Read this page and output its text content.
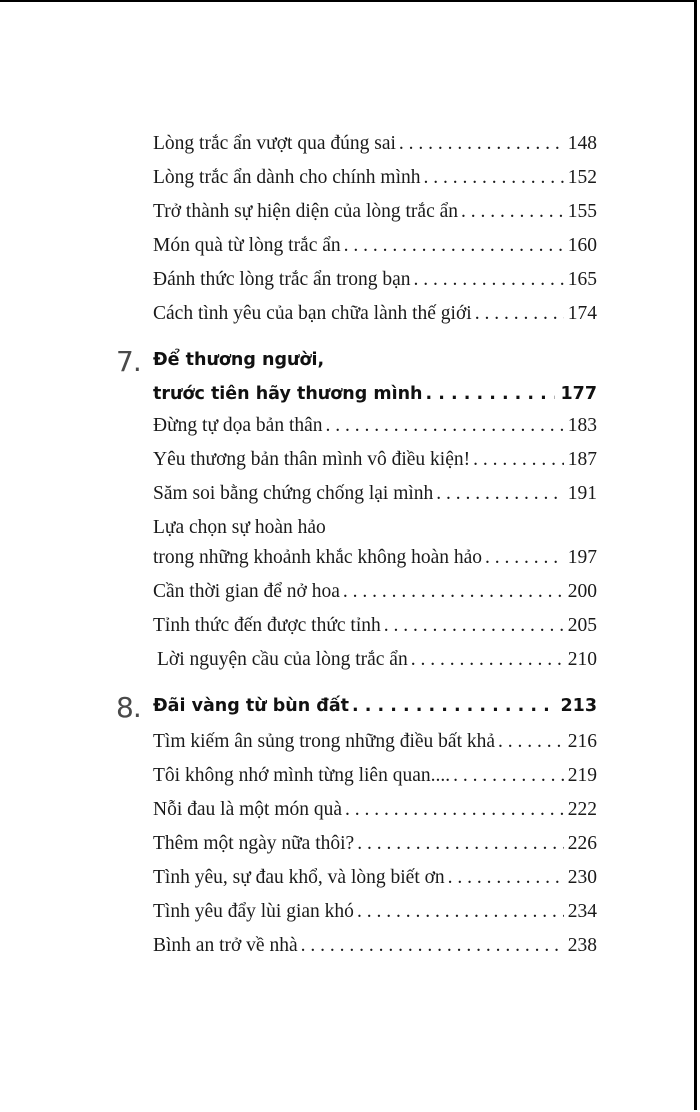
Lòng trắc ẩn vượt qua đúng sai . . .	148
Lòng trắc ẩn dành cho chính mình . . .	152
Trở thành sự hiện diện của lòng trắc ẩn . . .	155
Món quà từ lòng trắc ẩn . . .	160
Đánh thức lòng trắc ẩn trong bạn . . .	165
Cách tình yêu của bạn chữa lành thế giới . . .	174
7. Để thương người,
trước tiên hãy thương mình . . .	177
Đừng tự dọa bản thân . . .	183
Yêu thương bản thân mình vô điều kiện! . . .	187
Săm soi bằng chứng chống lại mình . . .	191
Lựa chọn sự hoàn hảo
trong những khoảnh khắc không hoàn hảo . . .	197
Cần thời gian để nở hoa . . .	200
Tỉnh thức đến được thức tỉnh . . .	205
Lời nguyện cầu của lòng trắc ẩn . . .	210
8. Đãi vàng từ bùn đất . . .	213
Tìm kiếm ân sủng trong những điều bất khả . . .	216
Tôi không nhớ mình từng liên quan.... . . .	219
Nỗi đau là một món quà . . .	222
Thêm một ngày nữa thôi? . . .	226
Tình yêu, sự đau khổ, và lòng biết ơn . . .	230
Tình yêu đẩy lùi gian khó . . .	234
Bình an trở về nhà . . .	238
